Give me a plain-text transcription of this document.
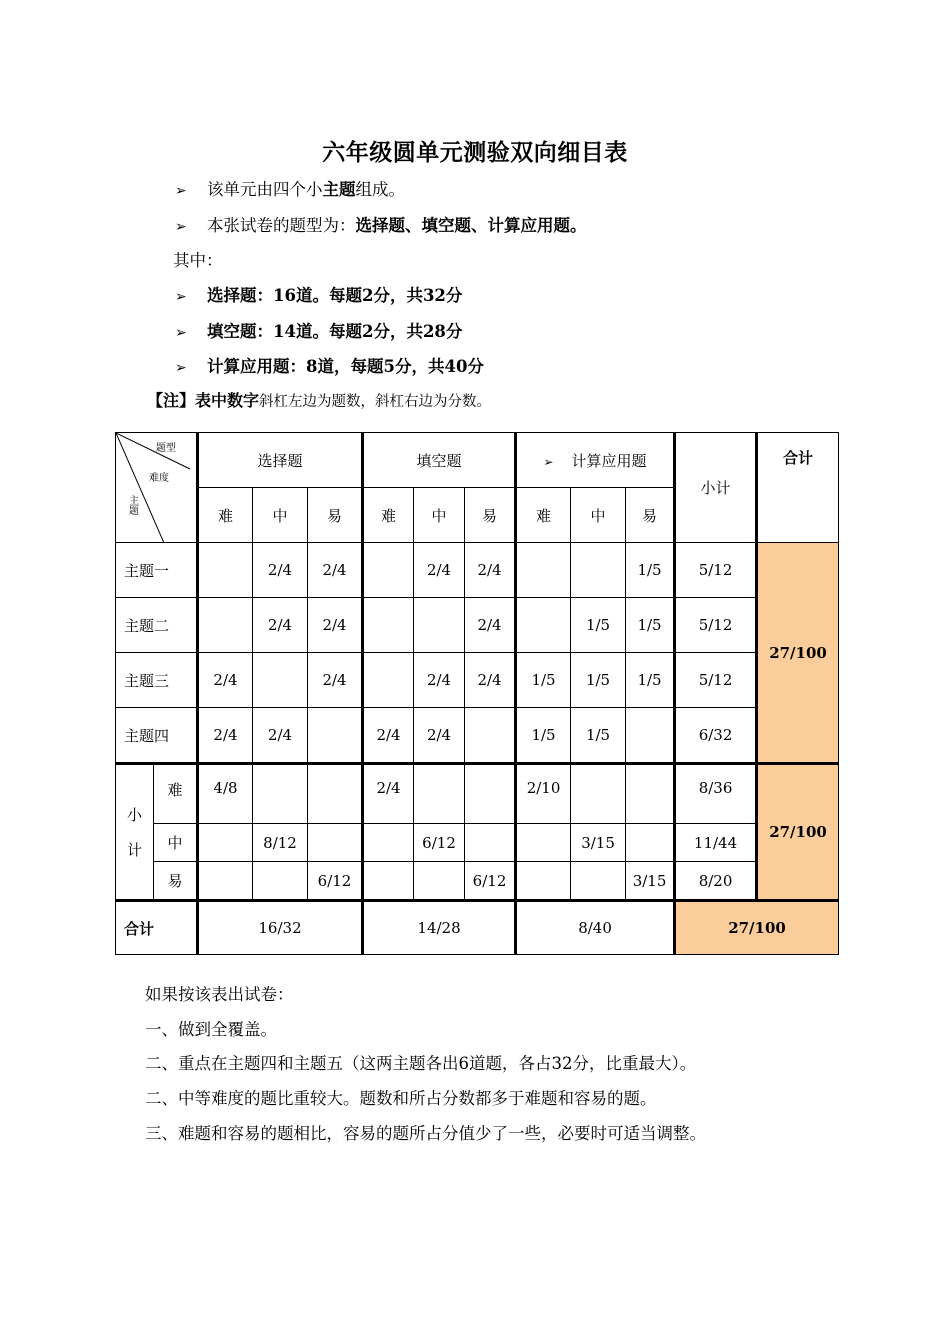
六年级圆单元测验双向细目表
➢ 该单元由四个小主题组成。
➢ 本张试卷的题型为：选择题、填空题、计算应用题。
其中：
➢ 选择题：16道。每题2分，共32分
➢ 填空题：14道。每题2分，共28分
➢ 计算应用题：8道，每题5分，共40分
【注】表中数字斜杠左边为题数，斜杠右边为分数。
题型
难度
主题		选择题			填空题			➢ 计算应用题			小计	合计
		难	中	易	难	中	易	难	中	易		
主题一			2/4	2/4		2/4	2/4			1/5	5/12	27/100
主题二			2/4	2/4			2/4		1/5	1/5	5/12	
主题三		2/4		2/4		2/4	2/4	1/5	1/5	1/5	5/12	
主题四		2/4	2/4		2/4	2/4		1/5	1/5		6/32	

小
计	难	4/8			2/4			2/10			8/36	27/100
	中		8/12			6/12			3/15		11/44	
	易			6/12			6/12			3/15	8/20	
合计		16/32			14/28			8/40			27/100	
如果按该表出试卷：
一、做到全覆盖。
二、重点在主题四和主题五（这两主题各出6道题，各占32分，比重最大）。
二、中等难度的题比重较大。题数和所占分数都多于难题和容易的题。
三、难题和容易的题相比，容易的题所占分值少了一些，必要时可适当调整。
